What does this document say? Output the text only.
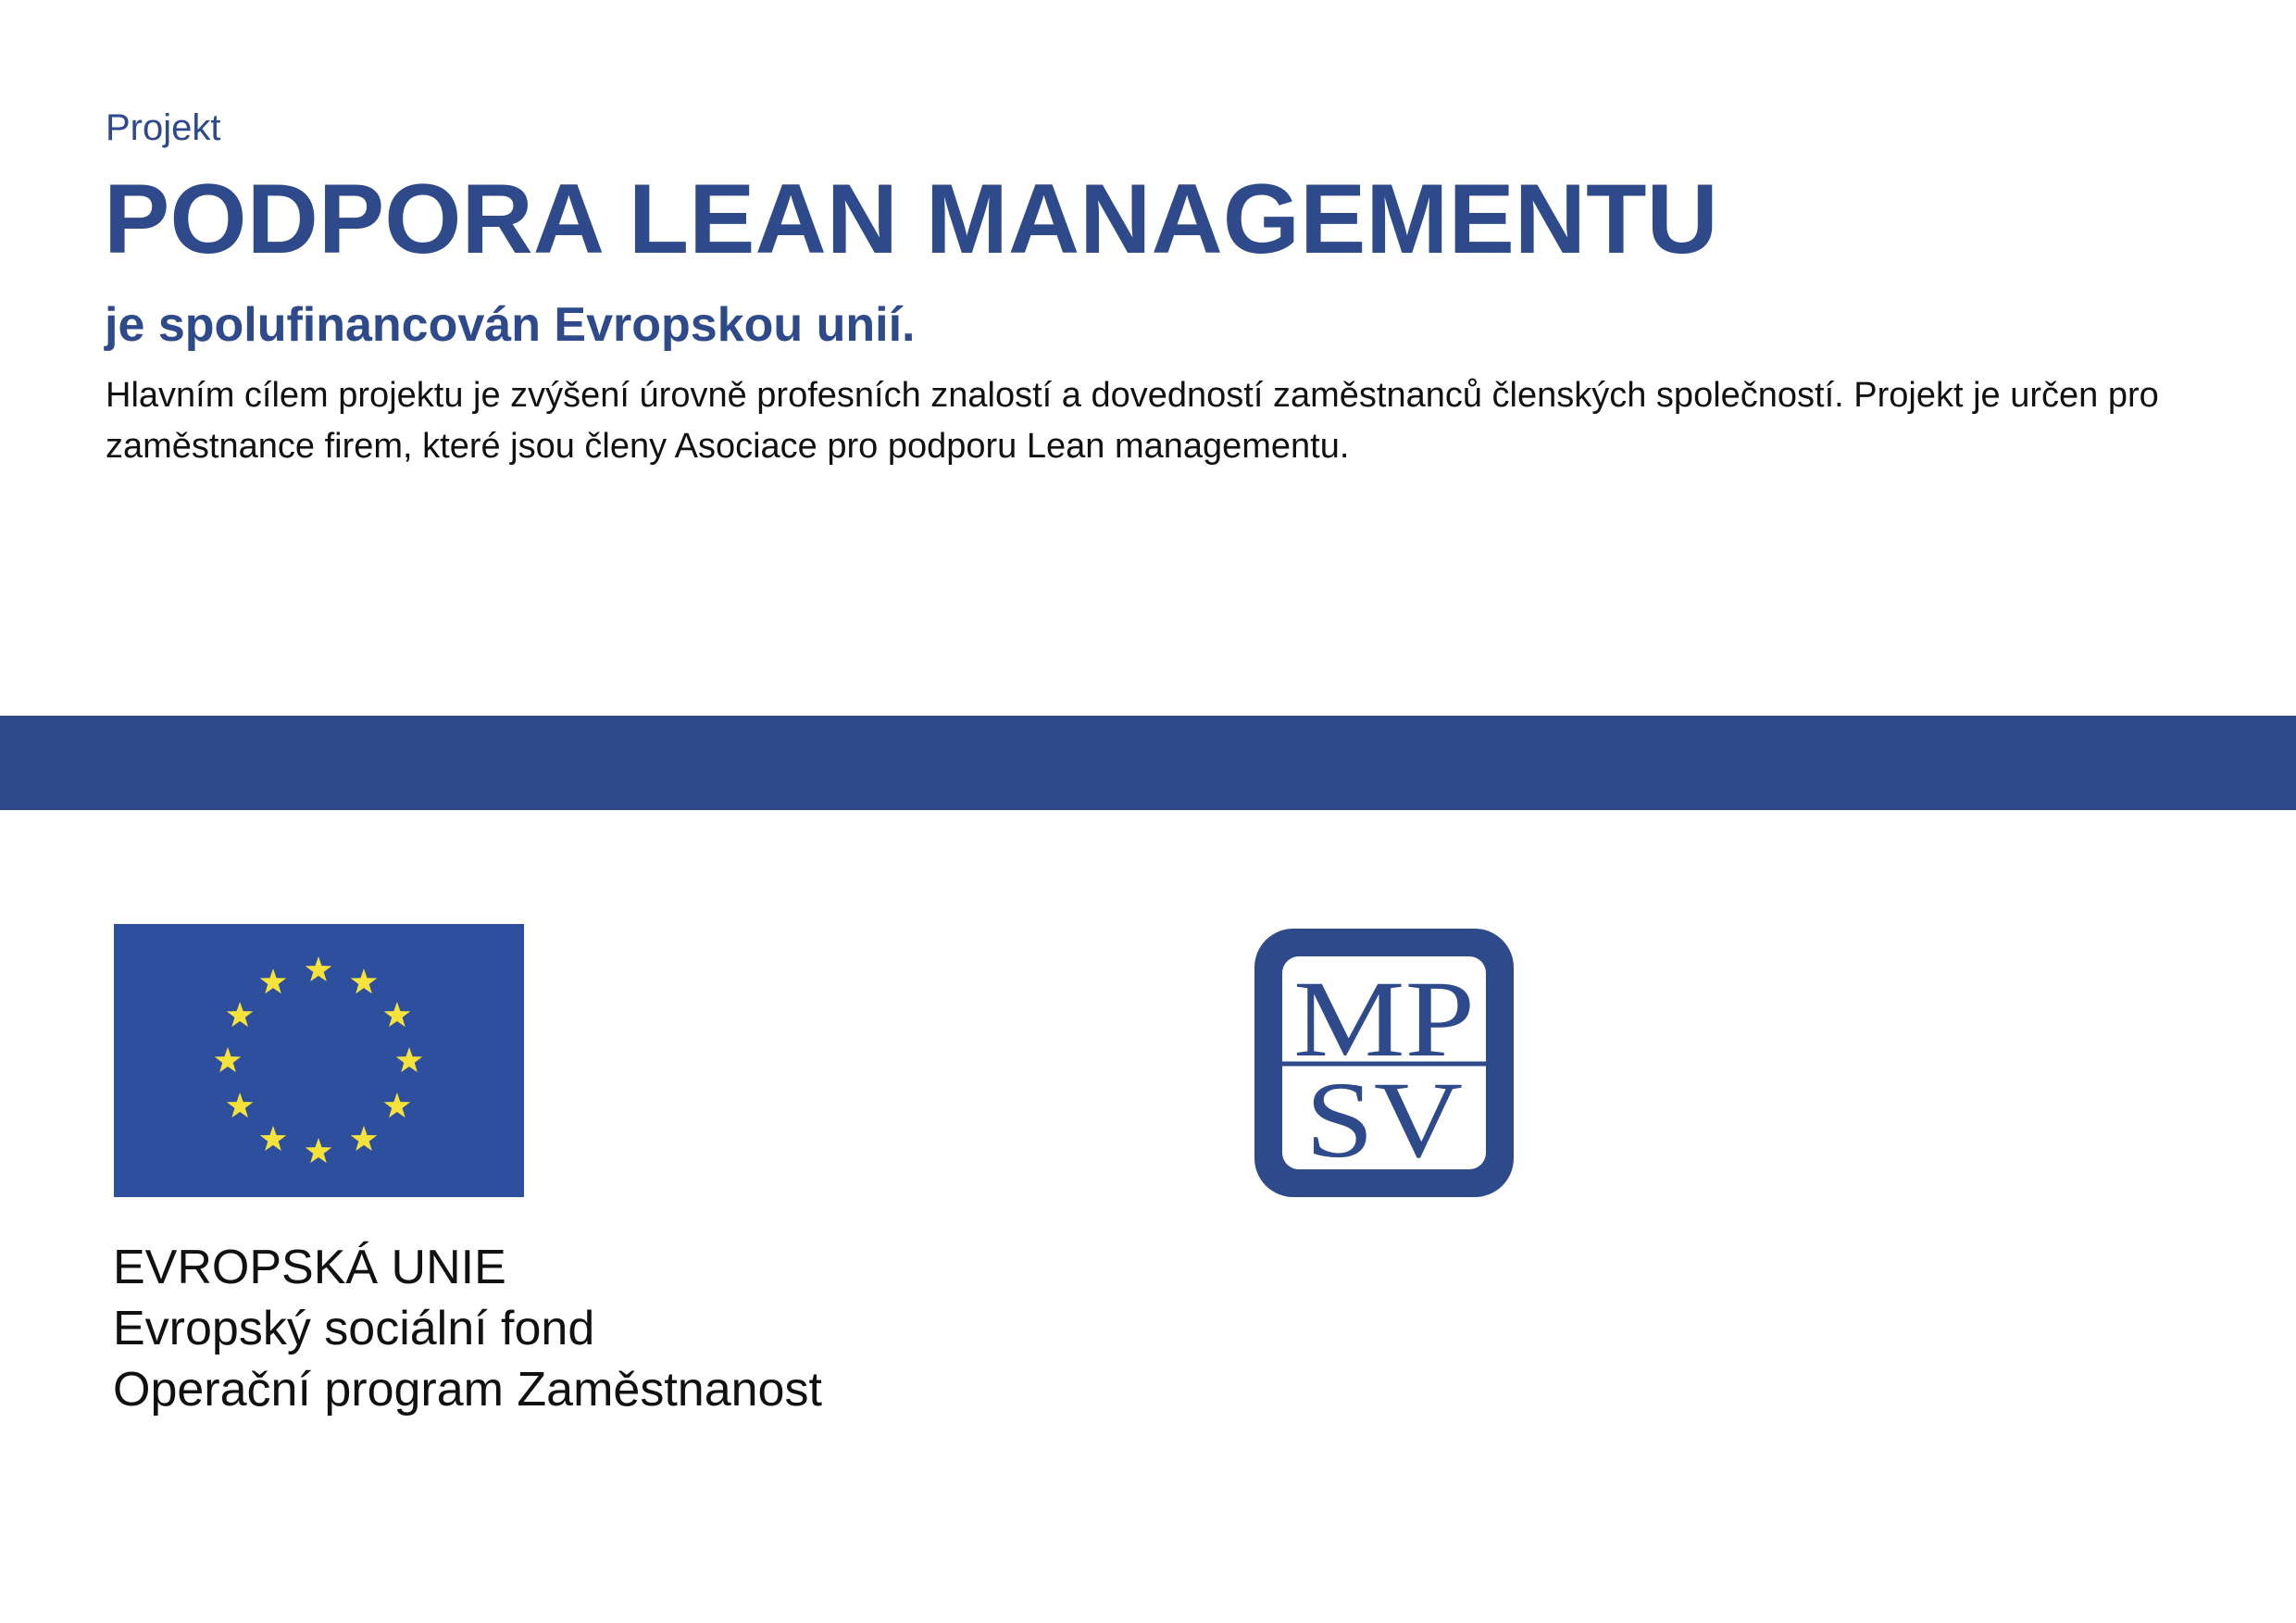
Projekt
PODPORA LEAN MANAGEMENTU
je spolufinancován Evropskou unií.
Hlavním cílem projektu je zvýšení úrovně profesních znalostí a dovedností zaměstnanců členských společností. Projekt je určen pro zaměstnance firem, které jsou členy Asociace pro podporu Lean managementu.
EVROPSKÁ UNIE
Evropský sociální fond
Operační program Zaměstnanost
MP
SV
